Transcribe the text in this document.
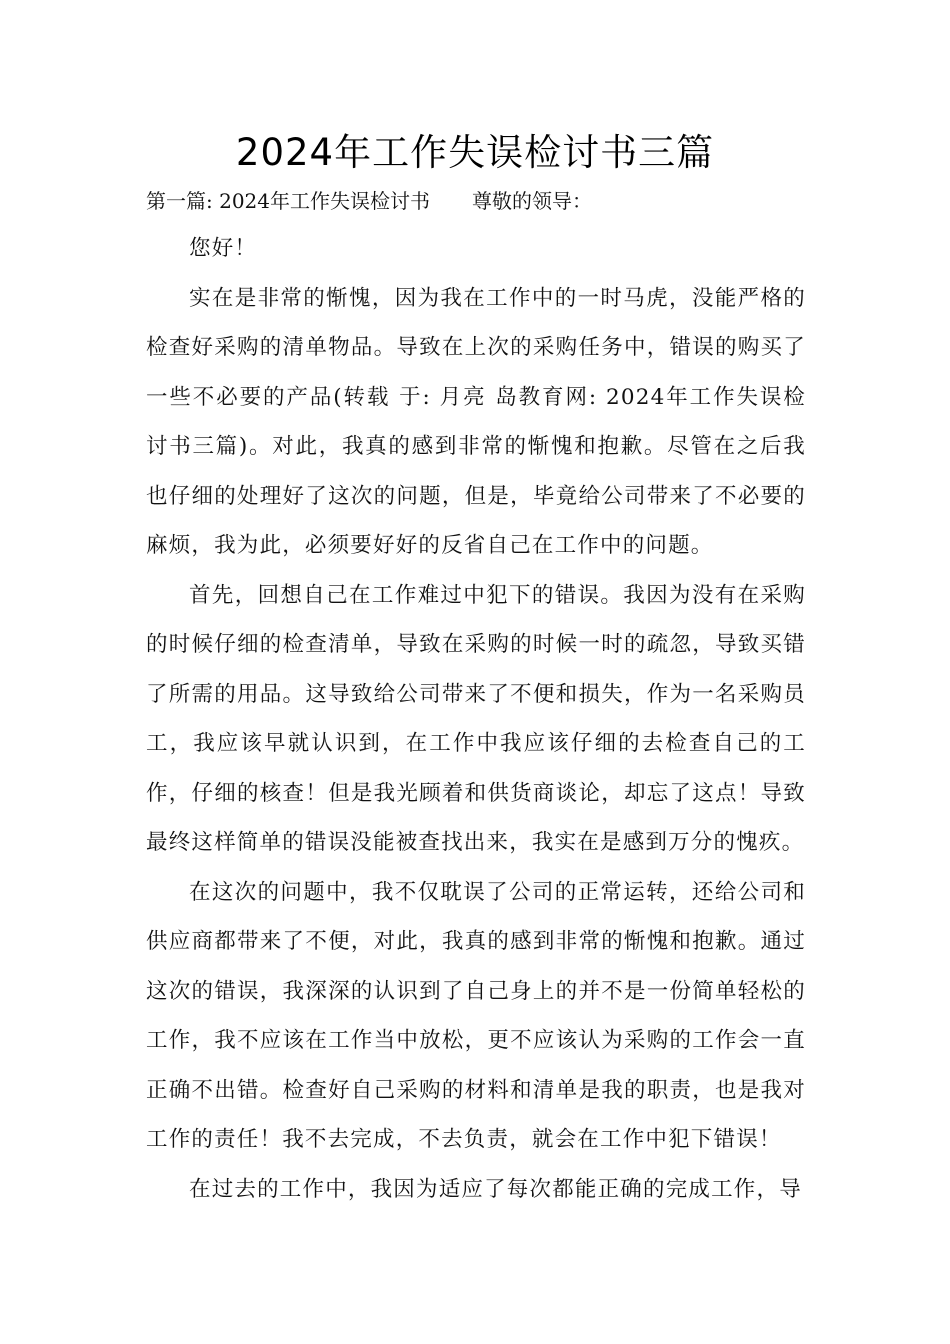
2024年工作失误检讨书三篇
第一篇: 2024年工作失误检讨书 尊敬的领导：

您好！

实在是非常的惭愧，因为我在工作中的一时马虎，没能严格的检查好采购的清单物品。导致在上次的采购任务中，错误的购买了一些不必要的产品(转载 于: 月亮 岛教育网: 2024年工作失误检讨书三篇)。对此，我真的感到非常的惭愧和抱歉。尽管在之后我也仔细的处理好了这次的问题，但是，毕竟给公司带来了不必要的麻烦，我为此，必须要好好的反省自己在工作中的问题。

首先，回想自己在工作难过中犯下的错误。我因为没有在采购的时候仔细的检查清单，导致在采购的时候一时的疏忽，导致买错了所需的用品。这导致给公司带来了不便和损失，作为一名采购员工，我应该早就认识到，在工作中我应该仔细的去检查自己的工作，仔细的核查！但是我光顾着和供货商谈论，却忘了这点！导致最终这样简单的错误没能被查找出来，我实在是感到万分的愧疚。

在这次的问题中，我不仅耽误了公司的正常运转，还给公司和供应商都带来了不便，对此，我真的感到非常的惭愧和抱歉。通过这次的错误，我深深的认识到了自己身上的并不是一份简单轻松的工作，我不应该在工作当中放松，更不应该认为采购的工作会一直正确不出错。检查好自己采购的材料和清单是我的职责，也是我对工作的责任！我不去完成，不去负责，就会在工作中犯下错误！

在过去的工作中，我因为适应了每次都能正确的完成工作，导
